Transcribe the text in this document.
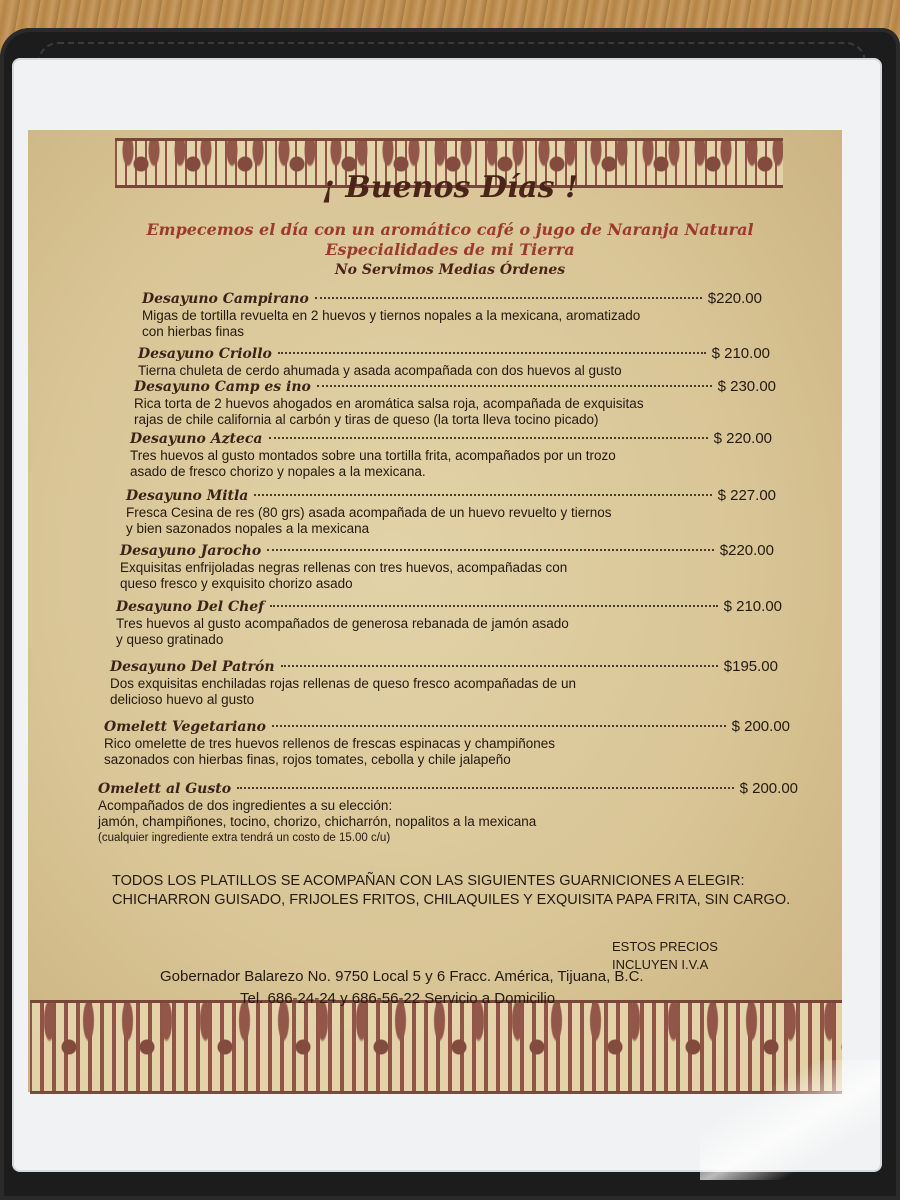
¡ Buenos Días !
Empecemos el día con un aromático café o jugo de Naranja Natural
Especialidades de mi Tierra
No Servimos Medias Órdenes
Desayuno Campirano	$220.00
Migas de tortilla revuelta en 2 huevos y tiernos nopales a la mexicana, aromatizado
con hierbas finas
Desayuno Criollo	$ 210.00
Tierna chuleta de cerdo ahumada y asada acompañada con dos huevos al gusto
Desayuno Camp es ino	$ 230.00
Rica torta de 2 huevos ahogados en aromática salsa roja, acompañada de exquisitas
rajas de chile california al carbón y tiras de queso (la torta lleva tocino picado)
Desayuno Azteca	$ 220.00
Tres huevos al gusto montados sobre una tortilla frita, acompañados por un trozo
asado de fresco chorizo y nopales a la mexicana.
Desayuno Mitla	$ 227.00
Fresca Cesina de res (80 grs) asada acompañada de un huevo revuelto y tiernos
y bien sazonados nopales a la mexicana
Desayuno Jarocho	$220.00
Exquisitas enfrijoladas negras rellenas con tres huevos, acompañadas con
queso fresco y exquisito chorizo asado
Desayuno Del Chef	$ 210.00
Tres huevos al gusto acompañados de generosa rebanada de jamón asado
y queso gratinado
Desayuno Del Patrón	$195.00
Dos exquisitas enchiladas rojas rellenas de queso fresco acompañadas de un
delicioso huevo al gusto
Omelett Vegetariano	$ 200.00
Rico omelette de tres huevos rellenos de frescas espinacas y champiñones
sazonados con hierbas finas, rojos tomates, cebolla y chile jalapeño
Omelett al Gusto	$ 200.00
Acompañados de dos ingredientes a su elección:
jamón, champiñones, tocino, chorizo, chicharrón, nopalitos a la mexicana
(cualquier ingrediente extra tendrá un costo de 15.00 c/u)
TODOS LOS PLATILLOS SE ACOMPAÑAN CON LAS SIGUIENTES GUARNICIONES A ELEGIR:
CHICHARRON GUISADO, FRIJOLES FRITOS, CHILAQUILES Y EXQUISITA PAPA FRITA, SIN CARGO.
ESTOS PRECIOS
INCLUYEN I.V.A
Gobernador Balarezo No. 9750 Local 5 y 6 Fracc. América, Tijuana, B.C.
Tel. 686-24-24 y 686-56-22 Servicio a Domicilio
